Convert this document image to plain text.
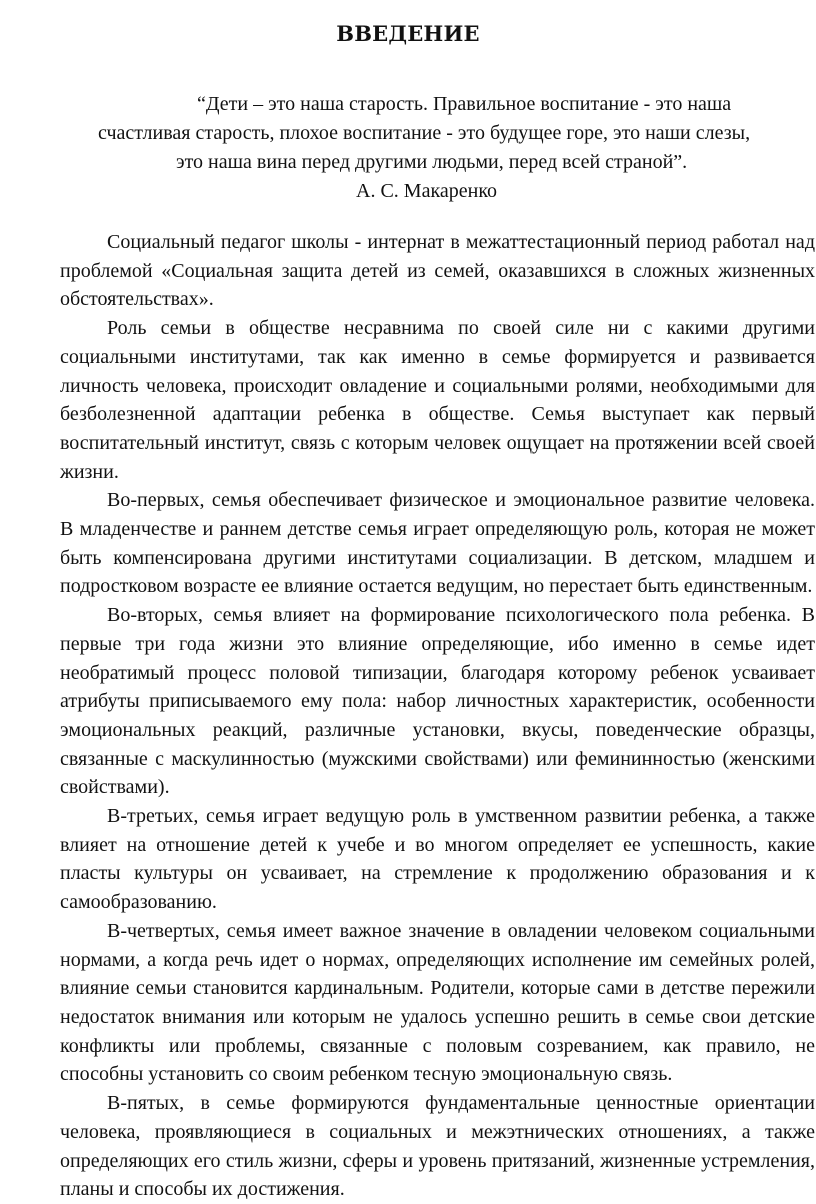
ВВЕДЕНИЕ
“Дети – это наша старость. Правильное воспитание - это наша
счастливая старость, плохое воспитание - это будущее горе, это наши слезы,
это наша вина перед другими людьми, перед всей страной”.
А. С. Макаренко

Социальный педагог школы - интернат в межаттестационный период работал над проблемой «Социальная защита детей из семей, оказавшихся в сложных жизненных обстоятельствах».

Роль семьи в обществе несравнима по своей силе ни с какими другими социальными институтами, так как именно в семье формируется и развивается личность человека, происходит овладение и социальными ролями, необходимыми для безболезненной адаптации ребенка в обществе. Семья выступает как первый воспитательный институт, связь с которым человек ощущает на протяжении всей своей жизни.

Во-первых, семья обеспечивает физическое и эмоциональное развитие человека. В младенчестве и раннем детстве семья играет определяющую роль, которая не может быть компенсирована другими институтами социализации. В детском, младшем и подростковом возрасте ее влияние остается ведущим, но перестает быть единственным.

Во-вторых, семья влияет на формирование психологического пола ребенка. В первые три года жизни это влияние определяющие, ибо именно в семье идет необратимый процесс половой типизации, благодаря которому ребенок усваивает атрибуты приписываемого ему пола: набор личностных характеристик, особенности эмоциональных реакций, различные установки, вкусы, поведенческие образцы, связанные с маскулинностью (мужскими свойствами) или фемининностью (женскими свойствами).

В-третьих, семья играет ведущую роль в умственном развитии ребенка, а также влияет на отношение детей к учебе и во многом определяет ее успешность, какие пласты культуры он усваивает, на стремление к продолжению образования и к самообразованию.

В-четвертых, семья имеет важное значение в овладении человеком социальными нормами, а когда речь идет о нормах, определяющих исполнение им семейных ролей, влияние семьи становится кардинальным. Родители, которые сами в детстве пережили недостаток внимания или которым не удалось успешно решить в семье свои детские конфликты или проблемы, связанные с половым созреванием, как правило, не способны установить со своим ребенком тесную эмоциональную связь.

В-пятых, в семье формируются фундаментальные ценностные ориентации человека, проявляющиеся в социальных и межэтнических отношениях, а также определяющих его стиль жизни, сферы и уровень притязаний, жизненные устремления, планы и способы их достижения.
